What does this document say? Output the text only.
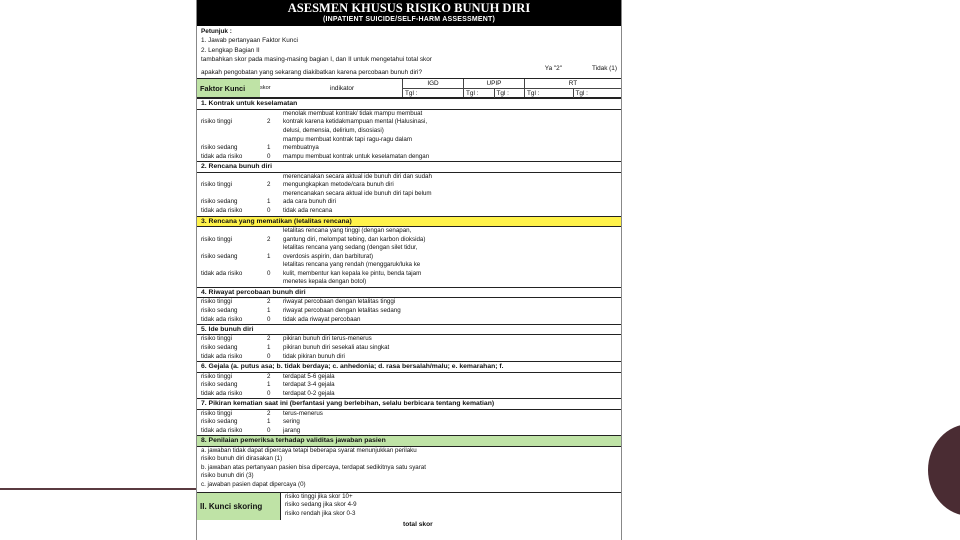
ASESMEN KHUSUS RISIKO BUNUH DIRI
(INPATIENT SUICIDE/SELF-HARM ASSESSMENT)
Petunjuk :
1. Jawab pertanyaan Faktor Kunci
2. Lengkap Bagian II
tambahkan skor pada masing-masing bagian I, dan II untuk mengetahui total skor
apakah pengobatan yang sekarang diakibatkan karena percobaan bunuh diri?
Ya "2"	Tidak (1)
Faktor Kunci	skor	indikator
IGD
Tgl :
UPIP
Tgl :	Tgl :
RT
Tgl :	Tgl :
1. Kontrak untuk keselamatan
menolak membuat kontrak/ tidak mampu membuat
risiko tinggi	2	kontrak karena ketidakmampuan mental (Halusinasi,
delusi, demensia, delirium, disosiasi)
mampu membuat kontrak tapi ragu-ragu dalam
risiko sedang	1	membuatnya
tidak ada risiko	0	mampu membuat kontrak untuk keselamatan dengan
2. Rencana bunuh diri
merencanakan secara aktual ide bunuh diri dan sudah
risiko tinggi	2	mengungkapkan metode/cara bunuh diri
merencanakan secara aktual ide bunuh diri tapi belum
risiko sedang	1	ada cara bunuh diri
tidak ada risiko	0	tidak ada rencana
3. Rencana yang mematikan (letalitas rencana)
letalitas rencana yang tinggi (dengan senapan,
risiko tinggi	2	gantung diri, melompat tebing, dan karbon dioksida)
letalitas rencana yang sedang (dengan silet tidur,
risiko sedang	1	overdosis aspirin, dan barbiturat)
letalitas rencana yang rendah (menggaruk/luka ke
tidak ada risiko	0	kulit, membentur kan kepala ke pintu, benda tajam
menetes kepala dengan botol)
4. Riwayat percobaan bunuh diri
risiko tinggi	2	riwayat percobaan dengan letalitas tinggi
risiko sedang	1	riwayat percobaan dengan letalitas sedang
tidak ada risiko	0	tidak ada riwayat percobaan
5. Ide bunuh diri
risiko tinggi	2	pikiran bunuh diri terus-menerus
risiko sedang	1	pikiran bunuh diri sesekali atau singkat
tidak ada risiko	0	tidak pikiran bunuh diri
6. Gejala (a. putus asa; b. tidak berdaya; c. anhedonia; d. rasa bersalah/malu; e. kemarahan; f.
risiko tinggi	2	terdapat 5-6 gejala
risiko sedang	1	terdapat 3-4 gejala
tidak ada risiko	0	terdapat 0-2 gejala
7. Pikiran kematian saat ini (berfantasi yang berlebihan, selalu berbicara tentang kematian)
risiko tinggi	2	terus-menerus
risiko sedang	1	sering
tidak ada risiko	0	jarang
8. Penilaian pemeriksa terhadap validitas jawaban pasien
a. jawaban tidak dapat dipercaya tetapi beberapa syarat menunjukkan perilaku
risiko bunuh diri dirasakan (1)
b. jawaban atas pertanyaan pasien bisa dipercaya, terdapat sedikitnya satu syarat
risiko bunuh diri (3)
c. jawaban pasien dapat dipercaya (0)
II. Kunci skoring
risiko tinggi jika skor 10+
risiko sedang jika skor 4-9
risiko rendah jika skor 0-3
total skor
